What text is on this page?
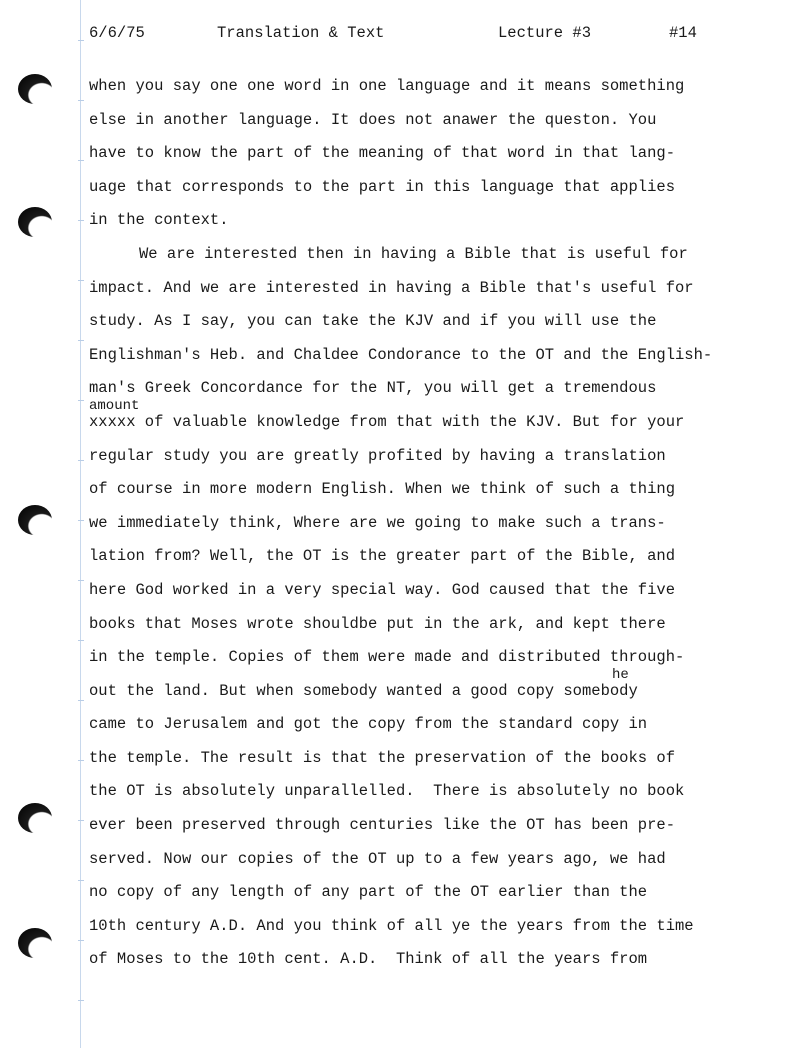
6/6/75	Translation & Text	Lecture #3	#14
amount
he
when you say one one word in one language and it means something
else in another language. It does not anawer the queston. You
have to know the part of the meaning of that word in that lang-
uage that corresponds to the part in this language that applies
in the context.
We are interested then in having a Bible that is useful for
impact. And we are interested in having a Bible that's useful for
study. As I say, you can take the KJV and if you will use the
Englishman's Heb. and Chaldee Condorance to the OT and the English-
man's Greek Concordance for the NT, you will get a tremendous
xxxxx of valuable knowledge from that with the KJV. But for your
regular study you are greatly profited by having a translation
of course in more modern English. When we think of such a thing
we immediately think, Where are we going to make such a trans-
lation from? Well, the OT is the greater part of the Bible, and
here God worked in a very special way. God caused that the five
books that Moses wrote shouldbe put in the ark, and kept there
in the temple. Copies of them were made and distributed through-
out the land. But when somebody wanted a good copy somebody
came to Jerusalem and got the copy from the standard copy in
the temple. The result is that the preservation of the books of
the OT is absolutely unparallelled.  There is absolutely no book
ever been preserved through centuries like the OT has been pre-
served. Now our copies of the OT up to a few years ago, we had
no copy of any length of any part of the OT earlier than the
10th century A.D. And you think of all ye the years from the time
of Moses to the 10th cent. A.D.  Think of all the years from
